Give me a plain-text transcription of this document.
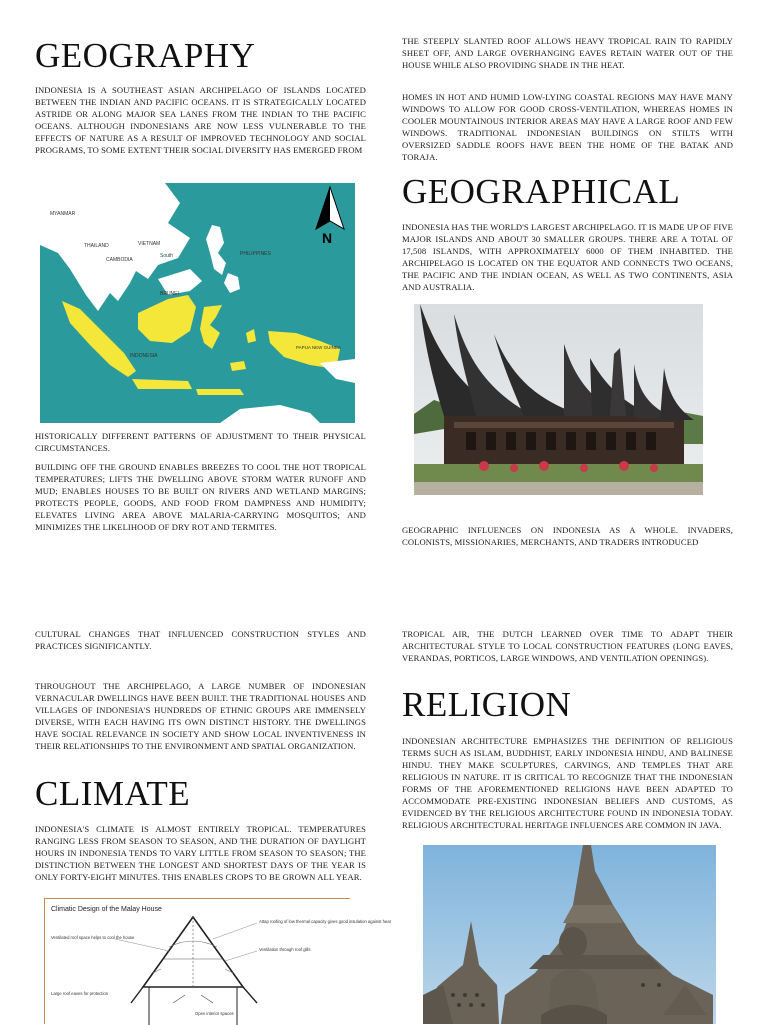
GEOGRAPHY

INDONESIA IS A SOUTHEAST ASIAN ARCHIPELAGO OF ISLANDS LOCATED BETWEEN THE INDIAN AND PACIFIC OCEANS. IT IS STRATEGICALLY LOCATED ASTRIDE OR ALONG MAJOR SEA LANES FROM THE INDIAN TO THE PACIFIC OCEANS. ALTHOUGH INDONESIANS ARE NOW LESS VULNERABLE TO THE EFFECTS OF NATURE AS A RESULT OF IMPROVED TECHNOLOGY AND SOCIAL PROGRAMS, TO SOME EXTENT THEIR SOCIAL DIVERSITY HAS EMERGED FROM

MYANMAR
THAILAND
CAMBODIA
VIETNAM
South	PHILIPPINES
BRUNEI
INDONESIA
PAPUA NEW GUINEA
N

HISTORICALLY DIFFERENT PATTERNS OF ADJUSTMENT TO THEIR PHYSICAL CIRCUMSTANCES.

BUILDING OFF THE GROUND ENABLES BREEZES TO COOL THE HOT TROPICAL TEMPERATURES; LIFTS THE DWELLING ABOVE STORM WATER RUNOFF AND MUD; ENABLES HOUSES TO BE BUILT ON RIVERS AND WETLAND MARGINS; PROTECTS PEOPLE, GOODS, AND FOOD FROM DAMPNESS AND HUMIDITY; ELEVATES LIVING AREA ABOVE MALARIA-CARRYING MOSQUITOS; AND MINIMIZES THE LIKELIHOOD OF DRY ROT AND TERMITES.

CULTURAL CHANGES THAT INFLUENCED CONSTRUCTION STYLES AND PRACTICES SIGNIFICANTLY.

THROUGHOUT THE ARCHIPELAGO, A LARGE NUMBER OF INDONESIAN VERNACULAR DWELLINGS HAVE BEEN BUILT. THE TRADITIONAL HOUSES AND VILLAGES OF INDONESIA'S HUNDREDS OF ETHNIC GROUPS ARE IMMENSELY DIVERSE, WITH EACH HAVING ITS OWN DISTINCT HISTORY. THE DWELLINGS HAVE SOCIAL RELEVANCE IN SOCIETY AND SHOW LOCAL INVENTIVENESS IN THEIR RELATIONSHIPS TO THE ENVIRONMENT AND SPATIAL ORGANIZATION.

CLIMATE

INDONESIA'S CLIMATE IS ALMOST ENTIRELY TROPICAL. TEMPERATURES RANGING LESS FROM SEASON TO SEASON, AND THE DURATION OF DAYLIGHT HOURS IN INDONESIA TENDS TO VARY LITTLE FROM SEASON TO SEASON; THE DISTINCTION BETWEEN THE LONGEST AND SHORTEST DAYS OF THE YEAR IS ONLY FORTY-EIGHT MINUTES. THIS ENABLES CROPS TO BE GROWN ALL YEAR.

Climatic Design of the Malay House
Attap roofing of low thermal capacity gives good insulation against heat
Ventilated roof space helps to cool the house
Ventilation through roof gills
Large roof eaves for protection
Open interior spaces

THE STEEPLY SLANTED ROOF ALLOWS HEAVY TROPICAL RAIN TO RAPIDLY SHEET OFF, AND LARGE OVERHANGING EAVES RETAIN WATER OUT OF THE HOUSE WHILE ALSO PROVIDING SHADE IN THE HEAT.

HOMES IN HOT AND HUMID LOW-LYING COASTAL REGIONS MAY HAVE MANY WINDOWS TO ALLOW FOR GOOD CROSS-VENTILATION, WHEREAS HOMES IN COOLER MOUNTAINOUS INTERIOR AREAS MAY HAVE A LARGE ROOF AND FEW WINDOWS. TRADITIONAL INDONESIAN BUILDINGS ON STILTS WITH OVERSIZED SADDLE ROOFS HAVE BEEN THE HOME OF THE BATAK AND TORAJA.

GEOGRAPHICAL

INDONESIA HAS THE WORLD'S LARGEST ARCHIPELAGO. IT IS MADE UP OF FIVE MAJOR ISLANDS AND ABOUT 30 SMALLER GROUPS. THERE ARE A TOTAL OF 17,508 ISLANDS, WITH APPROXIMATELY 6000 OF THEM INHABITED. THE ARCHIPELAGO IS LOCATED ON THE EQUATOR AND CONNECTS TWO OCEANS, THE PACIFIC AND THE INDIAN OCEAN, AS WELL AS TWO CONTINENTS, ASIA AND AUSTRALIA.

GEOGRAPHIC INFLUENCES ON INDONESIA AS A WHOLE. INVADERS, COLONISTS, MISSIONARIES, MERCHANTS, AND TRADERS INTRODUCED

TROPICAL AIR, THE DUTCH LEARNED OVER TIME TO ADAPT THEIR ARCHITECTURAL STYLE TO LOCAL CONSTRUCTION FEATURES (LONG EAVES, VERANDAS, PORTICOS, LARGE WINDOWS, AND VENTILATION OPENINGS).

RELIGION

INDONESIAN ARCHITECTURE EMPHASIZES THE DEFINITION OF RELIGIOUS TERMS SUCH AS ISLAM, BUDDHIST, EARLY INDONESIA HINDU, AND BALINESE HINDU. THEY MAKE SCULPTURES, CARVINGS, AND TEMPLES THAT ARE RELIGIOUS IN NATURE. IT IS CRITICAL TO RECOGNIZE THAT THE INDONESIAN FORMS OF THE AFOREMENTIONED RELIGIONS HAVE BEEN ADAPTED TO ACCOMMODATE PRE-EXISTING INDONESIAN BELIEFS AND CUSTOMS, AS EVIDENCED BY THE RELIGIOUS ARCHITECTURE FOUND IN INDONESIA TODAY. RELIGIOUS ARCHITECTURAL HERITAGE INFLUENCES ARE COMMON IN JAVA.
